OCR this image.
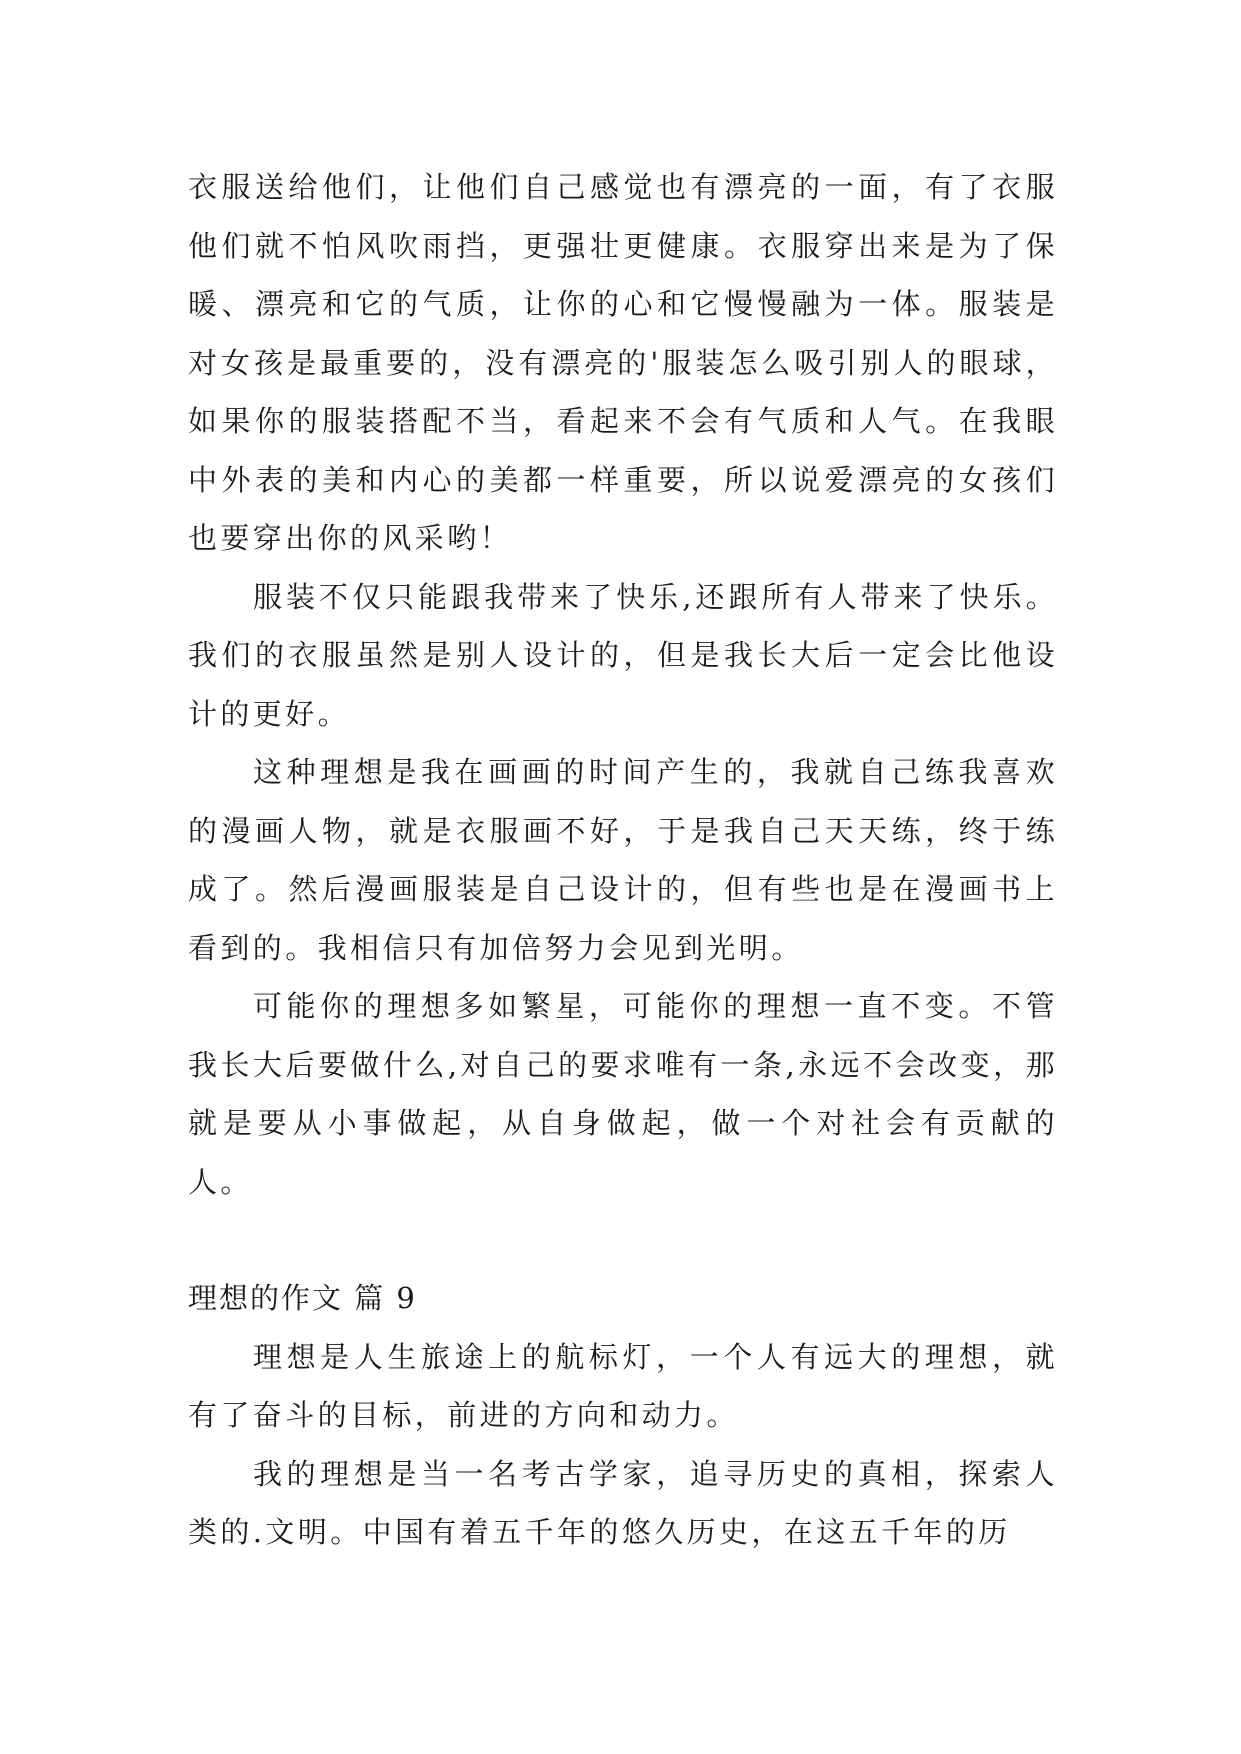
衣服送给他们，让他们自己感觉也有漂亮的一面，有了衣服他们就不怕风吹雨挡，更强壮更健康。衣服穿出来是为了保暖、漂亮和它的气质，让你的心和它慢慢融为一体。服装是对女孩是最重要的，没有漂亮的'服装怎么吸引别人的眼球，如果你的服装搭配不当，看起来不会有气质和人气。在我眼中外表的美和内心的美都一样重要，所以说爱漂亮的女孩们也要穿出你的风采哟！

服装不仅只能跟我带来了快乐,还跟所有人带来了快乐。我们的衣服虽然是别人设计的，但是我长大后一定会比他设计的更好。

这种理想是我在画画的时间产生的，我就自己练我喜欢的漫画人物，就是衣服画不好，于是我自己天天练，终于练成了。然后漫画服装是自己设计的，但有些也是在漫画书上看到的。我相信只有加倍努力会见到光明。

可能你的理想多如繁星，可能你的理想一直不变。不管我长大后要做什么,对自己的要求唯有一条,永远不会改变，那就是要从小事做起，从自身做起，做一个对社会有贡献的人。

理想的作文 篇 9

理想是人生旅途上的航标灯，一个人有远大的理想，就有了奋斗的目标，前进的方向和动力。

我的理想是当一名考古学家，追寻历史的真相，探索人类的.文明。中国有着五千年的悠久历史，在这五千年的历
